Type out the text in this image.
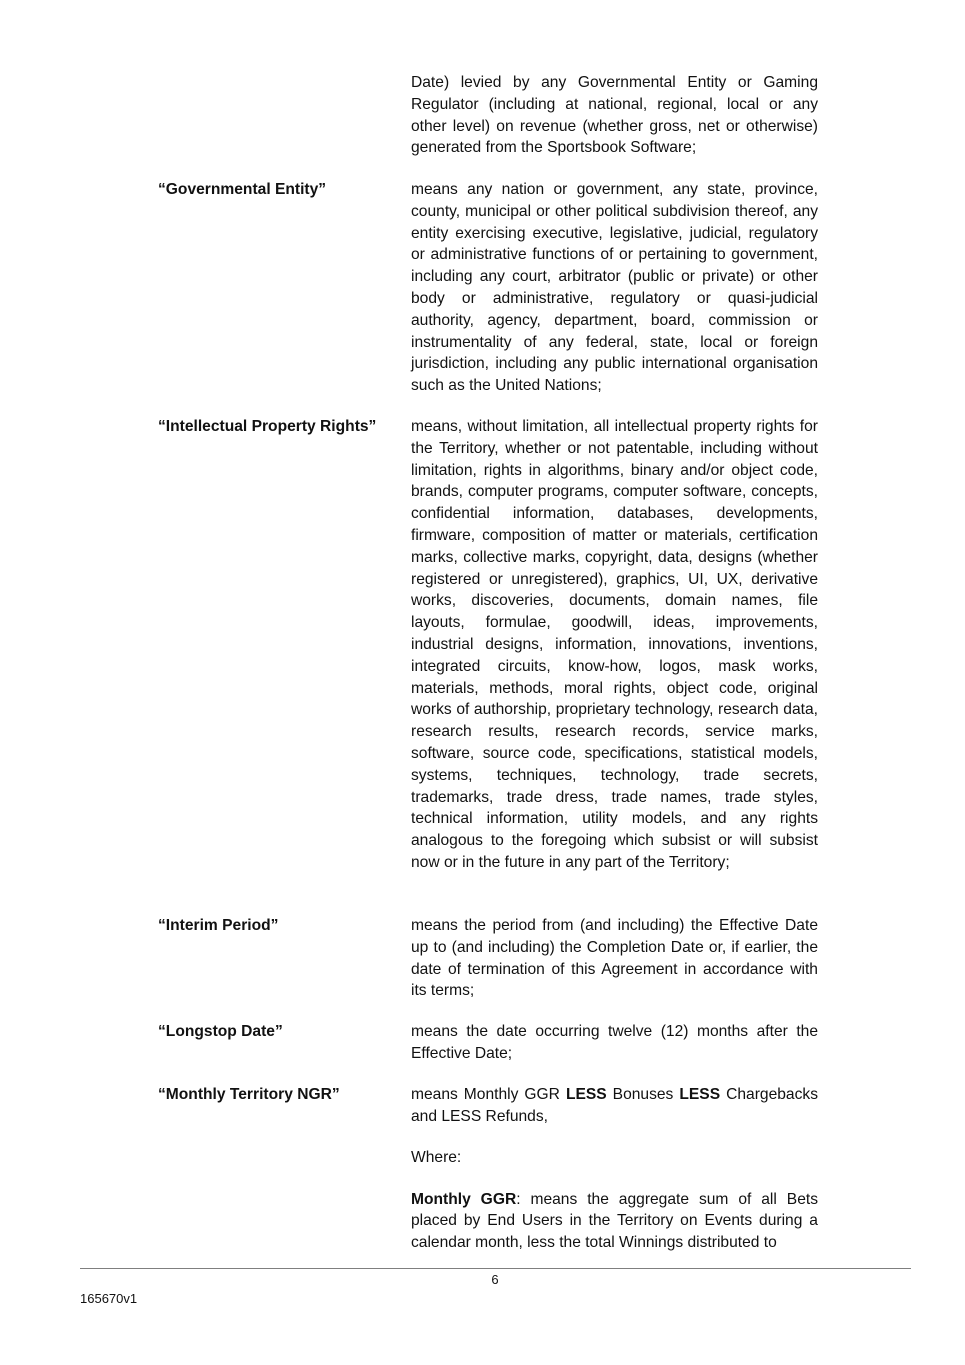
Date) levied by any Governmental Entity or Gaming Regulator (including at national, regional, local or any other level) on revenue (whether gross, net or otherwise) generated from the Sportsbook Software;
“Governmental Entity”	means any nation or government, any state, province, county, municipal or other political subdivision thereof, any entity exercising executive, legislative, judicial, regulatory or administrative functions of or pertaining to government, including any court, arbitrator (public or private) or other body or administrative, regulatory or quasi-judicial authority, agency, department, board, commission or instrumentality of any federal, state, local or foreign jurisdiction, including any public international organisation such as the United Nations;
“Intellectual Property Rights”	means, without limitation, all intellectual property rights for the Territory, whether or not patentable, including without limitation, rights in algorithms, binary and/or object code, brands, computer programs, computer software, concepts, confidential information, databases, developments, firmware, composition of matter or materials, certification marks, collective marks, copyright, data, designs (whether registered or unregistered), graphics, UI, UX, derivative works, discoveries, documents, domain names, file layouts, formulae, goodwill, ideas, improvements, industrial designs, information, innovations, inventions, integrated circuits, know-how, logos, mask works, materials, methods, moral rights, object code, original works of authorship, proprietary technology, research data, research results, research records, service marks, software, source code, specifications, statistical models, systems, techniques, technology, trade secrets, trademarks, trade dress, trade names, trade styles, technical information, utility models, and any rights analogous to the foregoing which subsist or will subsist now or in the future in any part of the Territory;
“Interim Period”	means the period from (and including) the Effective Date up to (and including) the Completion Date or, if earlier, the date of termination of this Agreement in accordance with its terms;
“Longstop Date”	means the date occurring twelve (12) months after the Effective Date;
“Monthly Territory NGR”	means Monthly GGR LESS Bonuses LESS Chargebacks and LESS Refunds,

Where:

Monthly GGR: means the aggregate sum of all Bets placed by End Users in the Territory on Events during a calendar month, less the total Winnings distributed to

6
165670v1
